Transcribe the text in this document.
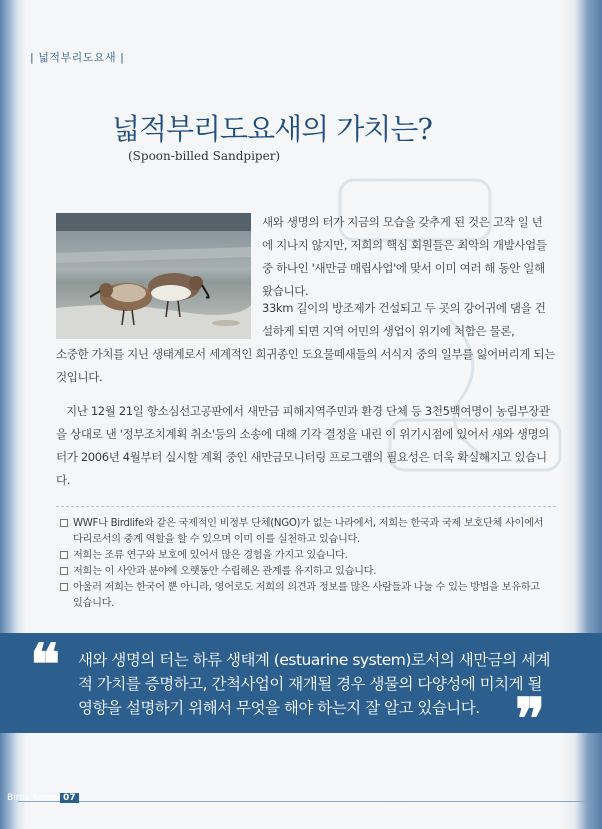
| 넓적부리도요새 |
넓적부리도요새의 가치는?
(Spoon-billed Sandpiper)

새와 생명의 터가 지금의 모습을 갖추게 된 것은 고작 일 년에 지나지 않지만, 저희의 핵심 회원들은 최악의 개발사업들 중 하나인 '새만금 매립사업'에 맞서 이미 여러 해 동안 일해왔습니다.

33km 길이의 방조제가 건설되고 두 곳의 강어귀에 댐을 건설하게 되면 지역 어민의 생업이 위기에 처함은 물론,

소중한 가치를 지닌 생태계로서 세계적인 희귀종인 도요물떼새들의 서식지 중의 일부를 잃어버리게 되는 것입니다.

지난 12월 21일 항소심선고공판에서 새만금 피해지역주민과 환경 단체 등 3천5백여명이 농림부장관을 상대로 낸 '정부조치계획 취소'등의 소송에 대해 기각 결정을 내린 이 위기시점에 있어서 새와 생명의 터가 2006년 4월부터 실시할 계획 중인 새만금모니터링 프로그램의 필요성은 더욱 확실해지고 있습니다.

WWF나 Birdlife와 같은 국제적인 비정부 단체(NGO)가 없는 나라에서, 저희는 한국과 국제 보호단체 사이에서 다리로서의 중계 역할을 할 수 있으며 이미 이를 실천하고 있습니다.
저희는 조류 연구와 보호에 있어서 많은 경험을 가지고 있습니다.
저희는 이 사안과 분야에 오랫동안 수립해온 관계를 유지하고 있습니다.
아울러 저희는 한국어 뿐 아니라, 영어로도 저희의 의견과 정보를 많은 사람들과 나눌 수 있는 방법을 보유하고 있습니다.
❝ 새와 생명의 터는 하류 생태계 (estuarine system)로서의 새만금의 세계적 가치를 증명하고, 간척사업이 재개될 경우 생물의 다양성에 미치게 될 영향을 설명하기 위해서 무엇을 해야 하는지 잘 알고 있습니다. ❞
Birds Korea 07
